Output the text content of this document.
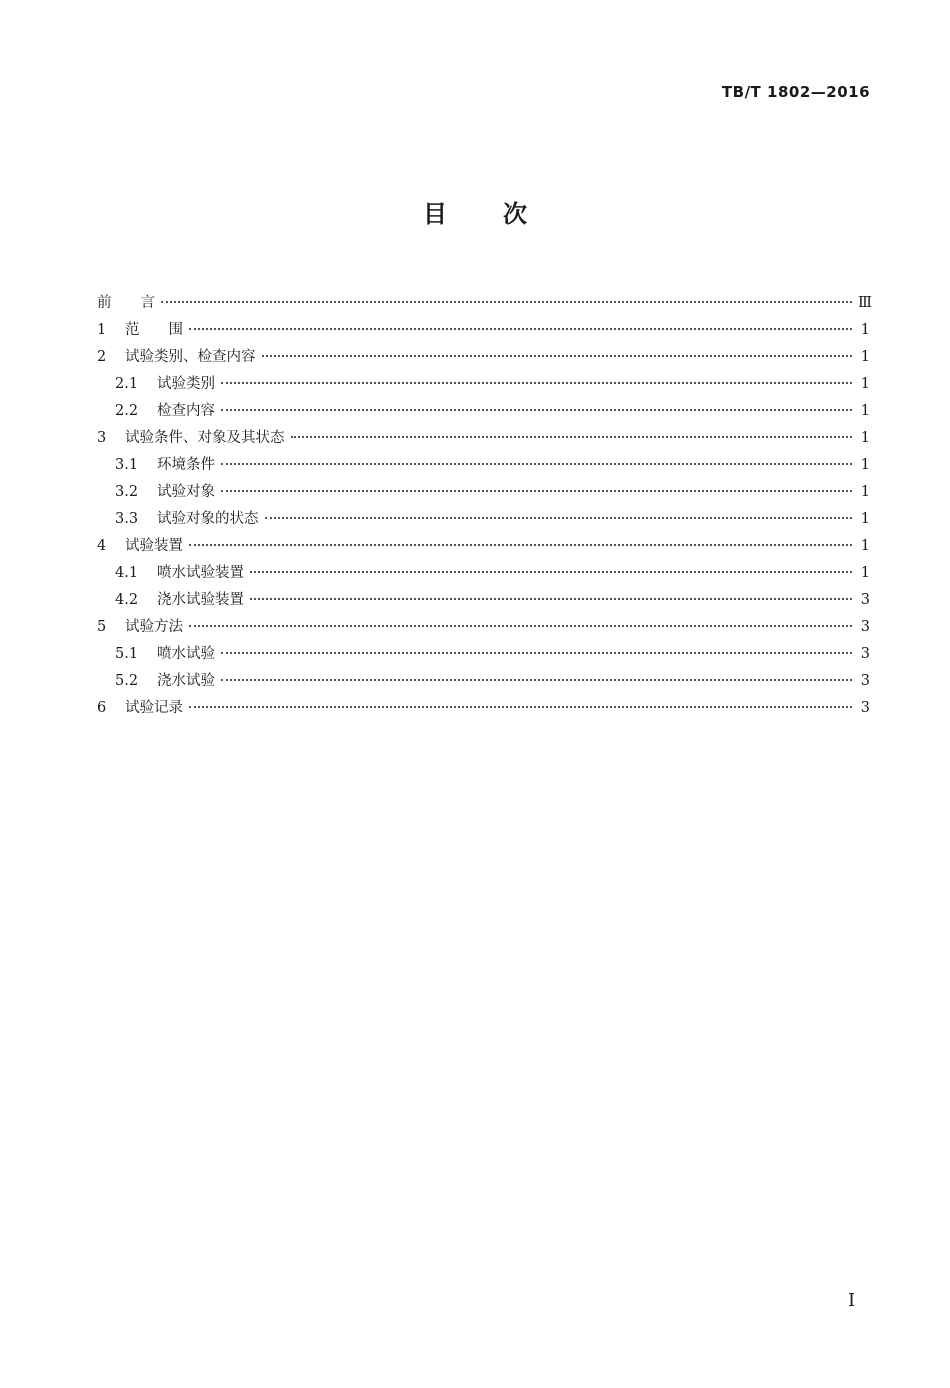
TB/T 1802—2016
目次
前　　言	Ⅲ
1	范　　围	1
2	试验类别、检查内容	1
2.1	试验类别	1
2.2	检查内容	1
3	试验条件、对象及其状态	1
3.1	环境条件	1
3.2	试验对象	1
3.3	试验对象的状态	1
4	试验装置	1
4.1	喷水试验装置	1
4.2	浇水试验装置	3
5	试验方法	3
5.1	喷水试验	3
5.2	浇水试验	3
6	试验记录	3
I
